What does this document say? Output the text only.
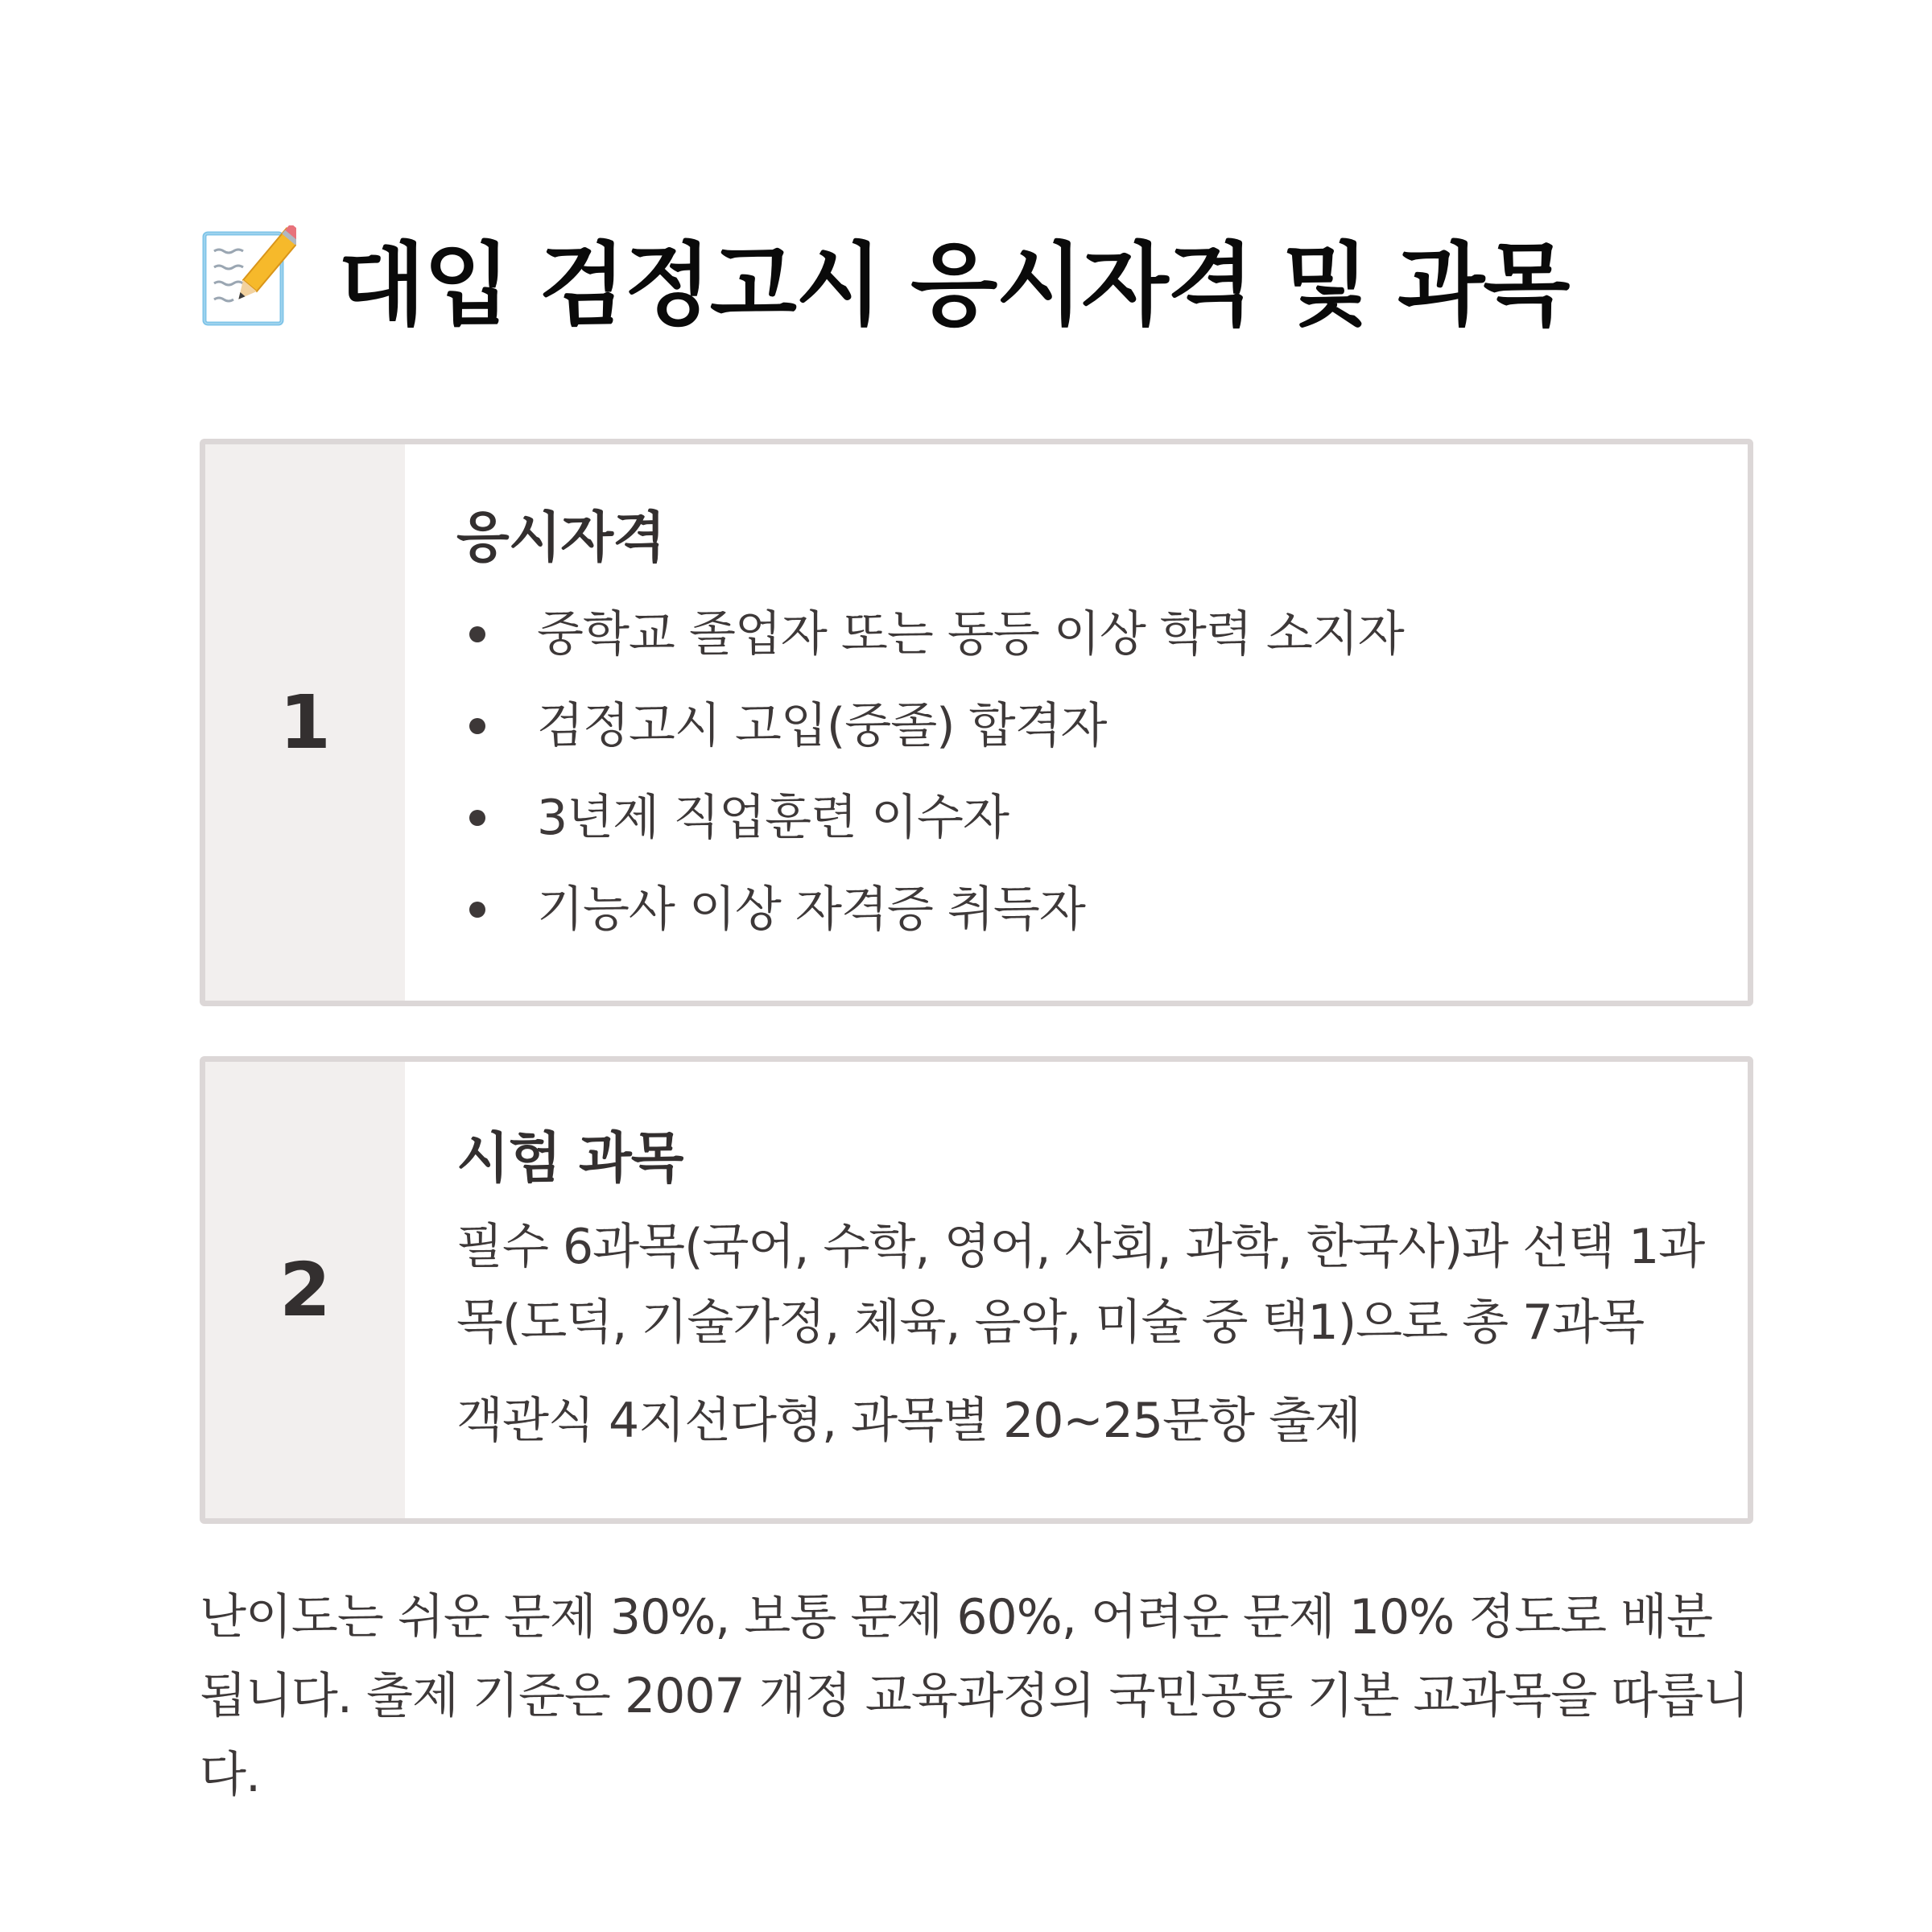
대입 검정고시 응시자격 및 과목
1
응시자격
중학교 졸업자 또는 동등 이상 학력 소지자
검정고시 고입(중졸) 합격자
3년제 직업훈련 이수자
기능사 이상 자격증 취득자
2
시험 과목

필수 6과목(국어, 수학, 영어, 사회, 과학, 한국사)과 선택 1과목(도덕, 기술가정, 체육, 음악, 미술 중 택1)으로 총 7과목

객관식 4지선다형, 과목별 20~25문항 출제

난이도는 쉬운 문제 30%, 보통 문제 60%, 어려운 문제 10% 정도로 배분됩니다. 출제 기준은 2007 개정 교육과정의 국민공통 기본 교과목을 따릅니다.
